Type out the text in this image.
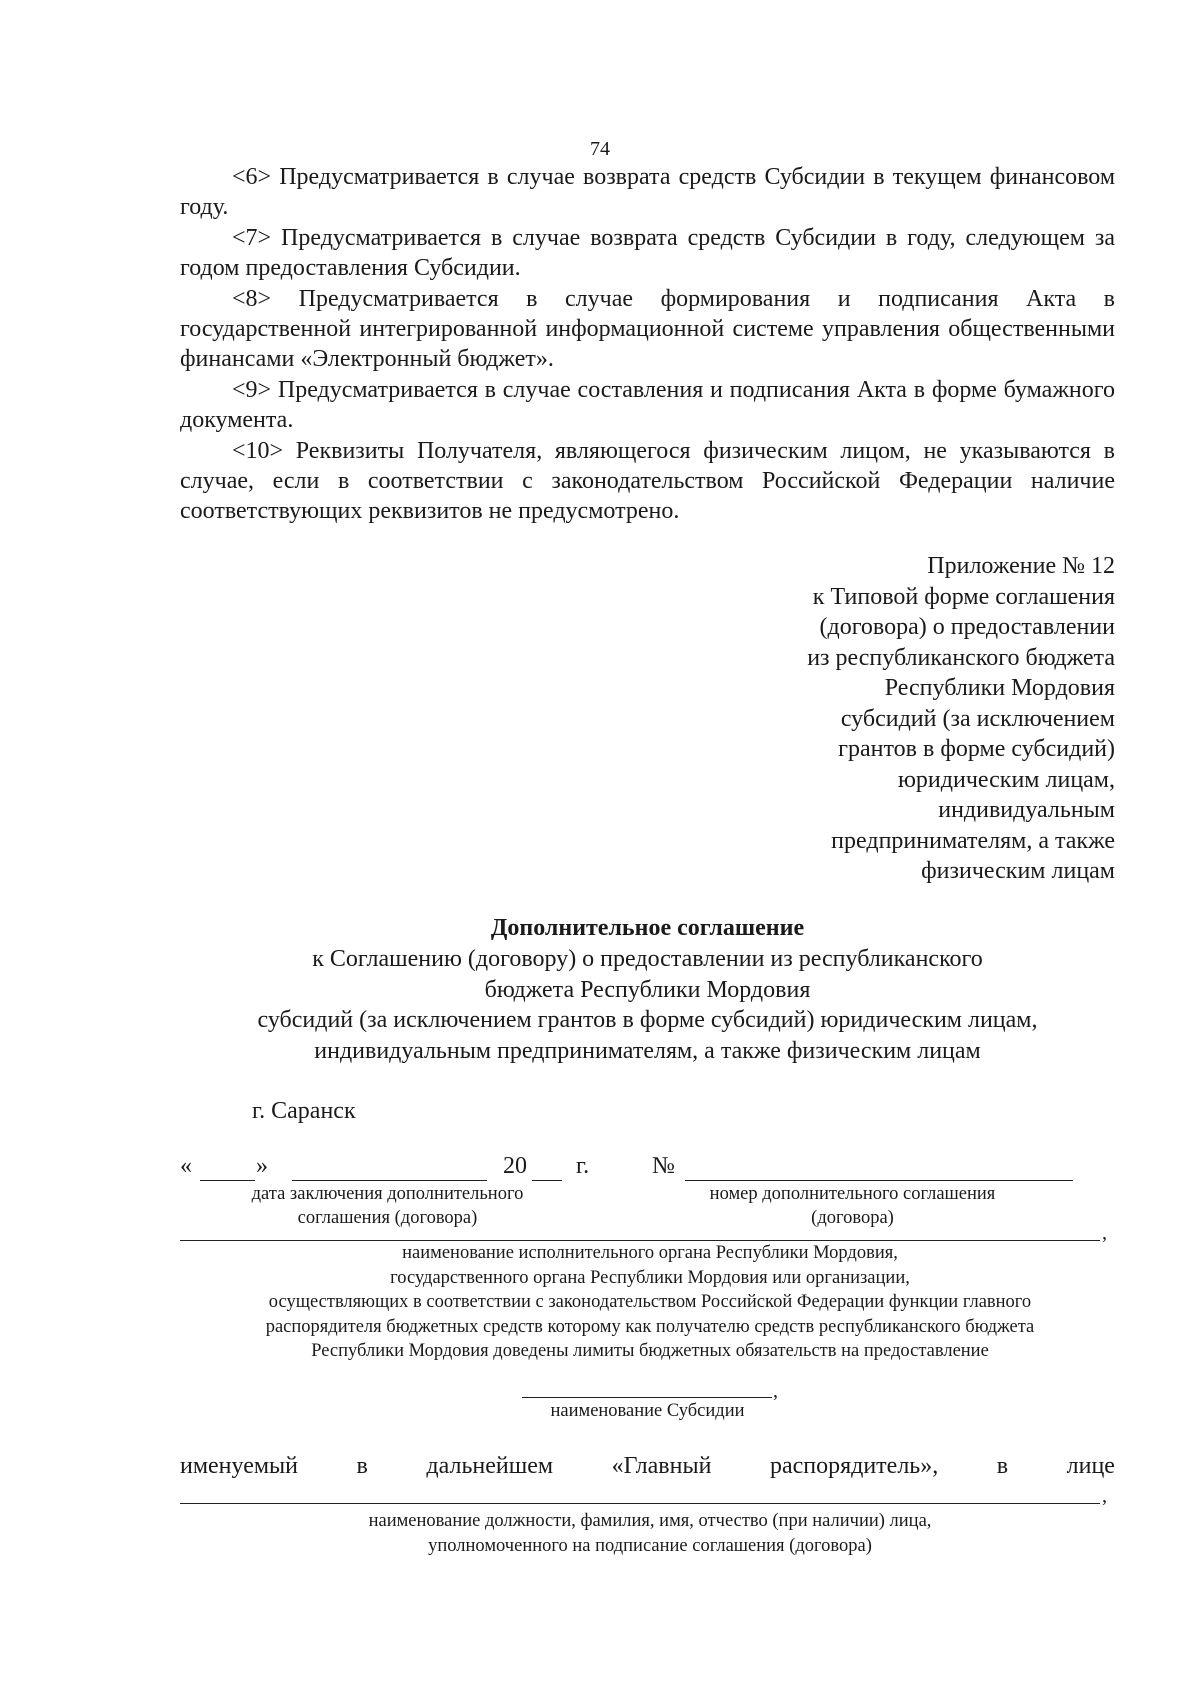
74

<6> Предусматривается в случае возврата средств Субсидии в текущем финансовом году.

<7> Предусматривается в случае возврата средств Субсидии в году, следующем за годом предоставления Субсидии.

<8> Предусматривается в случае формирования и подписания Акта в государственной интегрированной информационной системе управления общественными финансами «Электронный бюджет».

<9> Предусматривается в случае составления и подписания Акта в форме бумажного документа.

<10> Реквизиты Получателя, являющегося физическим лицом, не указываются в случае, если в соответствии с законодательством Российской Федерации наличие соответствующих реквизитов не предусмотрено.

Приложение № 12
к Типовой форме соглашения
(договора) о предоставлении
из республиканского бюджета
Республики Мордовия
субсидий (за исключением
грантов в форме субсидий)
юридическим лицам,
индивидуальным
предпринимателям, а также
физическим лицам
Дополнительное соглашение
к Соглашению (договору) о предоставлении из республиканского
бюджета Республики Мордовия
субсидий (за исключением грантов в форме субсидий) юридическим лицам,
индивидуальным предпринимателям, а также физическим лицам
г. Саранск
«	»	20 г.	№
дата заключения дополнительного
соглашения (договора)
номер дополнительного соглашения
(договора)
,
наименование исполнительного органа Республики Мордовия,
государственного органа Республики Мордовия или организации,
осуществляющих в соответствии с законодательством Российской Федерации функции главного
распорядителя бюджетных средств которому как получателю средств республиканского бюджета
Республики Мордовия доведены лимиты бюджетных обязательств на предоставление
,
наименование Субсидии
именуемый в дальнейшем «Главный распорядитель», в лице
,
наименование должности, фамилия, имя, отчество (при наличии) лица,
уполномоченного на подписание соглашения (договора)
